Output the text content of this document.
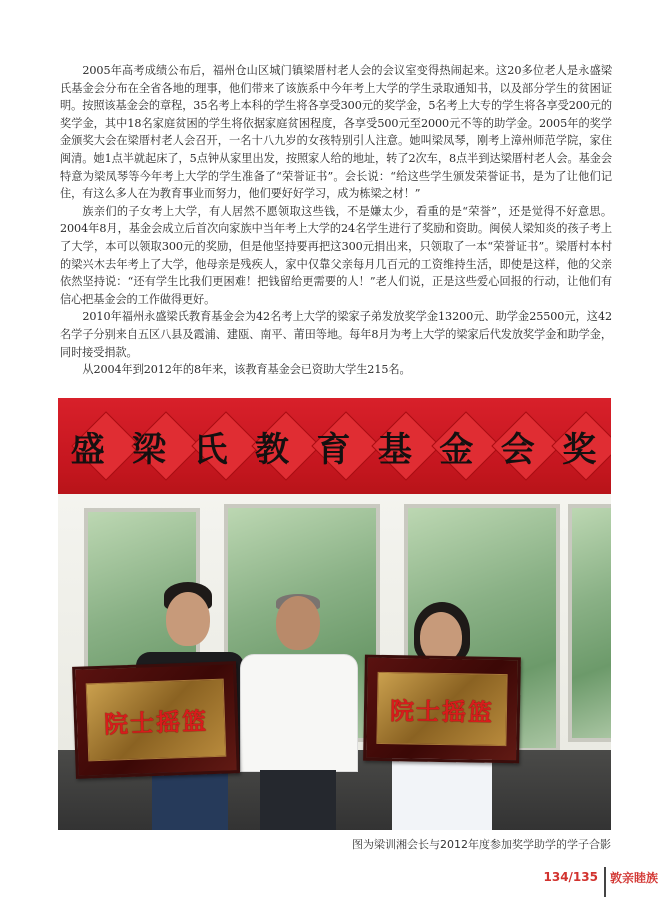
2005年高考成绩公布后，福州仓山区城门镇梁厝村老人会的会议室变得热闹起来。这20多位老人是永盛梁氏基金会分布在全省各地的理事，他们带来了该族系中今年考上大学的学生录取通知书，以及部分学生的贫困证明。按照该基金会的章程，35名考上本科的学生将各享受300元的奖学金，5名考上大专的学生将各享受200元的奖学金，其中18名家庭贫困的学生将依据家庭贫困程度，各享受500元至2000元不等的助学金。2005年的奖学金颁奖大会在梁厝村老人会召开，一名十八九岁的女孩特别引人注意。她叫梁凤琴，刚考上漳州师范学院，家住闽清。她1点半就起床了，5点钟从家里出发，按照家人给的地址，转了2次车，8点半到达梁厝村老人会。基金会特意为梁凤琴等今年考上大学的学生准备了“荣誉证书”。会长说：“给这些学生颁发荣誉证书，是为了让他们记住，有这么多人在为教育事业而努力，他们要好好学习，成为栋梁之材！”

族亲们的子女考上大学，有人居然不愿领取这些钱，不是嫌太少，看重的是“荣誉”，还是觉得不好意思。2004年8月，基金会成立后首次向家族中当年考上大学的24名学生进行了奖励和资助。闽侯人梁知炎的孩子考上了大学，本可以领取300元的奖励，但是他坚持要再把这300元捐出来，只领取了一本“荣誉证书”。梁厝村本村的梁兴木去年考上了大学，他母亲是残疾人，家中仅靠父亲每月几百元的工资维持生活，即使是这样，他的父亲依然坚持说：“还有学生比我们更困难！把钱留给更需要的人！”老人们说，正是这些爱心回报的行动，让他们有信心把基金会的工作做得更好。

2010年福州永盛梁氏教育基金会为42名考上大学的梁家子弟发放奖学金13200元、助学金25500元，这42名学子分别来自五区八县及霞浦、建瓯、南平、莆田等地。每年8月为考上大学的梁家后代发放奖学金和助学金，同时接受捐款。

从2004年到2012年的8年来，该教育基金会已资助大学生215名。

盛 梁 氏 教 育 基 金 会 奖
院士摇篮	院士摇篮
图为梁训湘会长与2012年度参加奖学助学的学子合影
134/135 敦亲睦族
